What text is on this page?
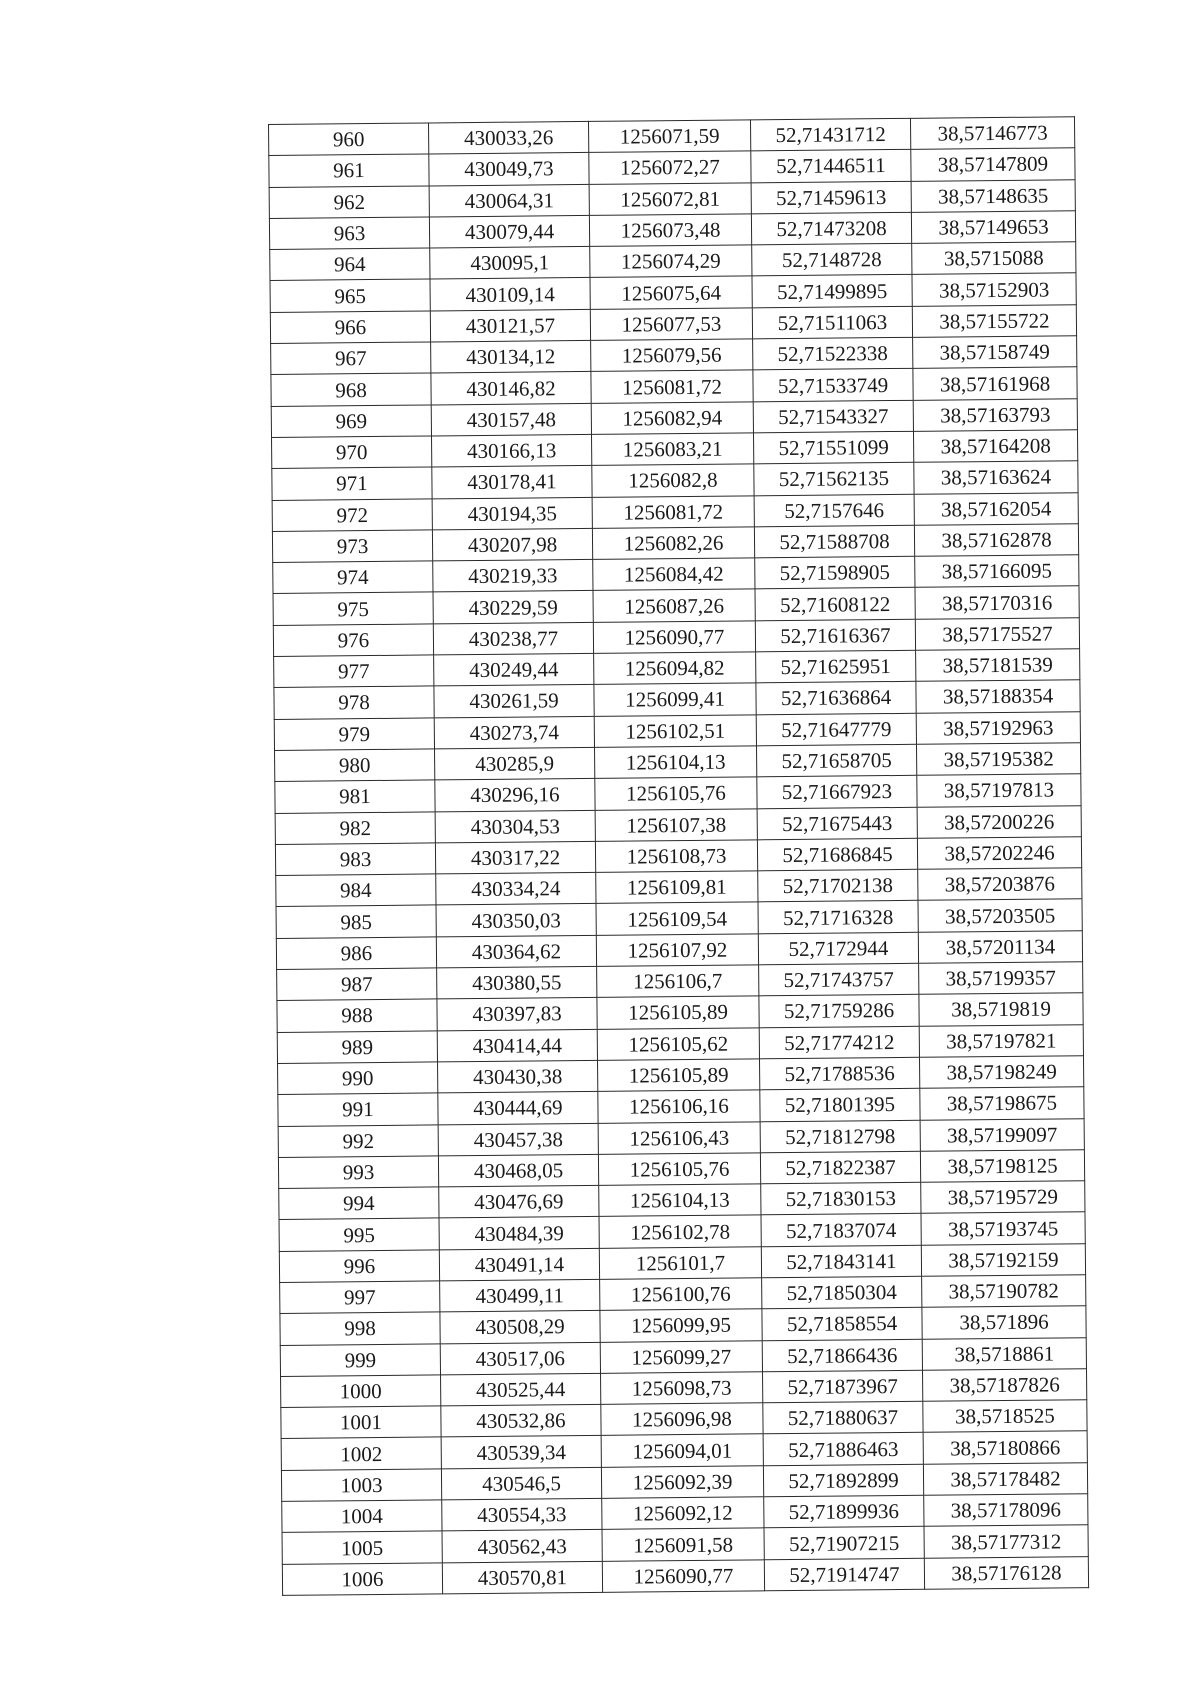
960	430033,26	1256071,59	52,71431712	38,57146773
961	430049,73	1256072,27	52,71446511	38,57147809
962	430064,31	1256072,81	52,71459613	38,57148635
963	430079,44	1256073,48	52,71473208	38,57149653
964	430095,1	1256074,29	52,7148728	38,5715088
965	430109,14	1256075,64	52,71499895	38,57152903
966	430121,57	1256077,53	52,71511063	38,57155722
967	430134,12	1256079,56	52,71522338	38,57158749
968	430146,82	1256081,72	52,71533749	38,57161968
969	430157,48	1256082,94	52,71543327	38,57163793
970	430166,13	1256083,21	52,71551099	38,57164208
971	430178,41	1256082,8	52,71562135	38,57163624
972	430194,35	1256081,72	52,7157646	38,57162054
973	430207,98	1256082,26	52,71588708	38,57162878
974	430219,33	1256084,42	52,71598905	38,57166095
975	430229,59	1256087,26	52,71608122	38,57170316
976	430238,77	1256090,77	52,71616367	38,57175527
977	430249,44	1256094,82	52,71625951	38,57181539
978	430261,59	1256099,41	52,71636864	38,57188354
979	430273,74	1256102,51	52,71647779	38,57192963
980	430285,9	1256104,13	52,71658705	38,57195382
981	430296,16	1256105,76	52,71667923	38,57197813
982	430304,53	1256107,38	52,71675443	38,57200226
983	430317,22	1256108,73	52,71686845	38,57202246
984	430334,24	1256109,81	52,71702138	38,57203876
985	430350,03	1256109,54	52,71716328	38,57203505
986	430364,62	1256107,92	52,7172944	38,57201134
987	430380,55	1256106,7	52,71743757	38,57199357
988	430397,83	1256105,89	52,71759286	38,5719819
989	430414,44	1256105,62	52,71774212	38,57197821
990	430430,38	1256105,89	52,71788536	38,57198249
991	430444,69	1256106,16	52,71801395	38,57198675
992	430457,38	1256106,43	52,71812798	38,57199097
993	430468,05	1256105,76	52,71822387	38,57198125
994	430476,69	1256104,13	52,71830153	38,57195729
995	430484,39	1256102,78	52,71837074	38,57193745
996	430491,14	1256101,7	52,71843141	38,57192159
997	430499,11	1256100,76	52,71850304	38,57190782
998	430508,29	1256099,95	52,71858554	38,571896
999	430517,06	1256099,27	52,71866436	38,5718861
1000	430525,44	1256098,73	52,71873967	38,57187826
1001	430532,86	1256096,98	52,71880637	38,5718525
1002	430539,34	1256094,01	52,71886463	38,57180866
1003	430546,5	1256092,39	52,71892899	38,57178482
1004	430554,33	1256092,12	52,71899936	38,57178096
1005	430562,43	1256091,58	52,71907215	38,57177312
1006	430570,81	1256090,77	52,71914747	38,57176128
